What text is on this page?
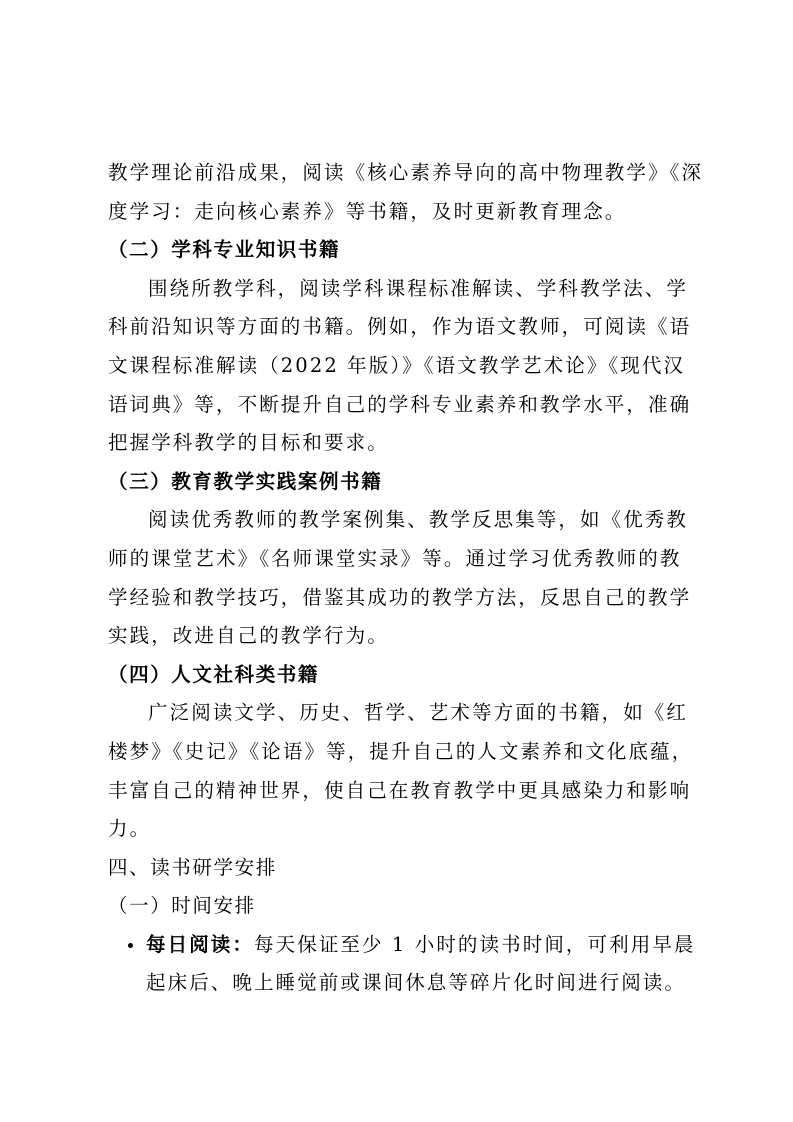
教学理论前沿成果，阅读《核心素养导向的高中物理教学》《深
度学习：走向核心素养》等书籍，及时更新教育理念。
（二）学科专业知识书籍
围绕所教学科，阅读学科课程标准解读、学科教学法、学
科前沿知识等方面的书籍。例如，作为语文教师，可阅读《语
文课程标准解读（2022 年版）》《语文教学艺术论》《现代汉
语词典》等，不断提升自己的学科专业素养和教学水平，准确
把握学科教学的目标和要求。
（三）教育教学实践案例书籍
阅读优秀教师的教学案例集、教学反思集等，如《优秀教
师的课堂艺术》《名师课堂实录》等。通过学习优秀教师的教
学经验和教学技巧，借鉴其成功的教学方法，反思自己的教学
实践，改进自己的教学行为。
（四）人文社科类书籍
广泛阅读文学、历史、哲学、艺术等方面的书籍，如《红
楼梦》《史记》《论语》等，提升自己的人文素养和文化底蕴，
丰富自己的精神世界，使自己在教育教学中更具感染力和影响
力。
四、读书研学安排
（一）时间安排
每日阅读：每天保证至少 1 小时的读书时间，可利用早晨
起床后、晚上睡觉前或课间休息等碎片化时间进行阅读。
